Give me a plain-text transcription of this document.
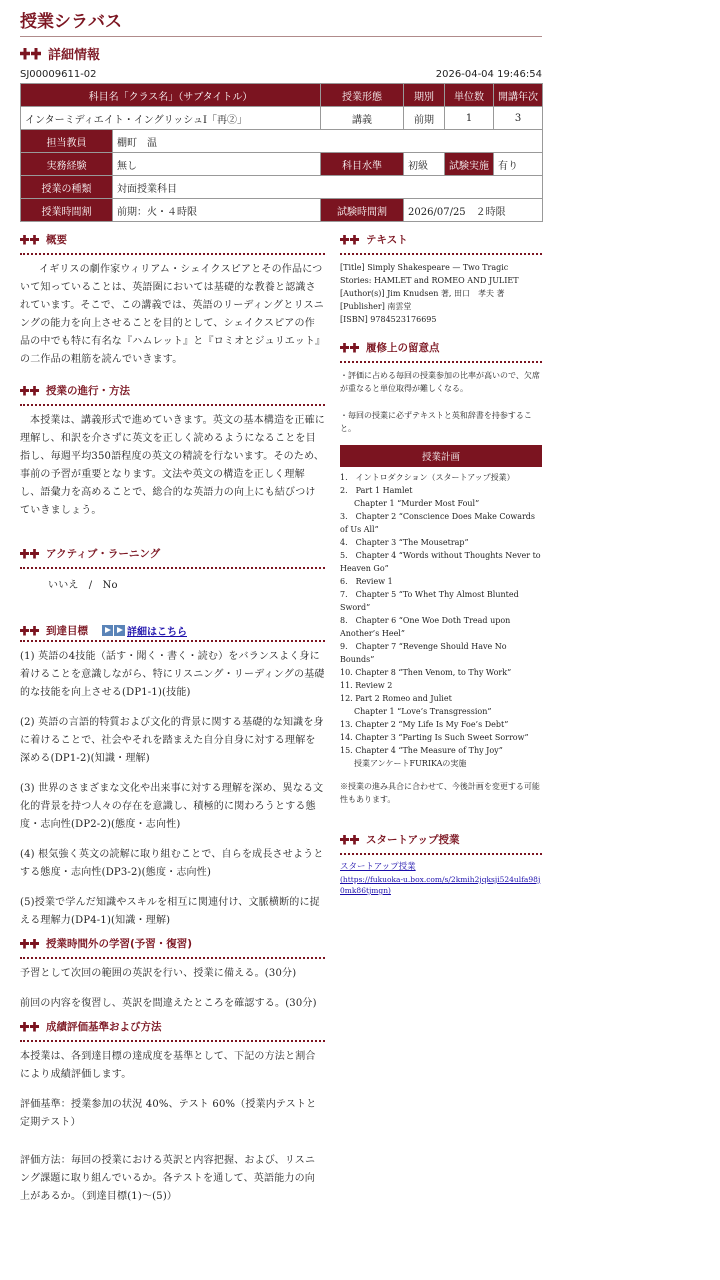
授業シラバス
詳細情報
SJ00009611-02	2026-04-04 19:46:54
科目名「クラス名」（サブタイトル）		授業形態	期別	単位数	開講年次
インターミディエイト・イングリッシュI「再②」		講義	前期	1	3
担当教員	棚町　温				
実務経験	無し	科目水準	初級	試験実施	有り
授業の種類	対面授業科目				
授業時間割	前期：火・４時限	試験時間割	2026/07/25　２時限		
概要
イギリスの劇作家ウィリアム・シェイクスピアとその作品について知っていることは、英語圏においては基礎的な教養と認識されています。そこで、この講義では、英語のリーディングとリスニングの能力を向上させることを目的として、シェイクスピアの作品の中でも特に有名な『ハムレット』と『ロミオとジュリエット』の二作品の粗筋を読んでいきます。
授業の進行・方法
本授業は、講義形式で進めていきます。英文の基本構造を正確に理解し、和訳を介さずに英文を正しく読めるようになることを目指し、毎週平均350語程度の英文の精読を行ないます。そのため、事前の予習が重要となります。文法や英文の構造を正しく理解し、語彙力を高めることで、総合的な英語力の向上にも結びつけていきましょう。
アクティブ・ラーニング
いいえ　/　No
到達目標	詳細はこちら

(1) 英語の4技能（話す・聞く・書く・読む）をバランスよく身に着けることを意識しながら、特にリスニング・リーディングの基礎的な技能を向上させる(DP1-1)(技能)

(2) 英語の言語的特質および文化的背景に関する基礎的な知識を身に着けることで、社会やそれを踏まえた自分自身に対する理解を深める(DP1-2)(知識・理解)

(3) 世界のさまざまな文化や出来事に対する理解を深め、異なる文化的背景を持つ人々の存在を意識し、積極的に関わろうとする態度・志向性(DP2-2)(態度・志向性)

(4) 根気強く英文の読解に取り組むことで、自らを成長させようとする態度・志向性(DP3-2)(態度・志向性)

(5)授業で学んだ知識やスキルを相互に関連付け、文脈横断的に捉える理解力(DP4-1)(知識・理解)

授業時間外の学習(予習・復習)

予習として次回の範囲の英訳を行い、授業に備える。(30分)

前回の内容を復習し、英訳を間違えたところを確認する。(30分)

成績評価基準および方法

本授業は、各到達目標の達成度を基準として、下記の方法と割合により成績評価します。

評価基準：授業参加の状況 40%、テスト 60%（授業内テストと定期テスト）

評価方法：毎回の授業における英訳と内容把握、および、リスニング課題に取り組んでいるか。各テストを通して、英語能力の向上があるか。（到達目標(1)〜(5)）

テキスト
[Title] Simply Shakespeare — Two Tragic Stories: HAMLET and ROMEO AND JULIET
[Author(s)] Jim Knudsen 著, 田口　孝夫 著
[Publisher] 南雲堂
[ISBN] 9784523176695
履修上の留意点

・評価に占める毎回の授業参加の比率が高いので、欠席が重なると単位取得が難しくなる。

・毎回の授業に必ずテキストと英和辞書を持参すること。

授業計画
1.　イントロダクション（スタートアップ授業）
2.　Part 1 Hamlet
Chapter 1 “Murder Most Foul”
3.　Chapter 2 “Conscience Does Make Cowards of Us All”
4.　Chapter 3 “The Mousetrap”
5.　Chapter 4 “Words without Thoughts Never to Heaven Go”
6.　Review 1
7.　Chapter 5 “To Whet Thy Almost Blunted Sword”
8.　Chapter 6 “One Woe Doth Tread upon Another’s Heel”
9.　Chapter 7 “Revenge Should Have No Bounds”
10. Chapter 8 “Then Venom, to Thy Work”
11. Review 2
12. Part 2 Romeo and Juliet
Chapter 1 “Love’s Transgression”
13. Chapter 2 “My Life Is My Foe’s Debt”
14. Chapter 3 “Parting Is Such Sweet Sorrow”
15. Chapter 4 “The Measure of Thy Joy”
授業アンケートFURIKAの実施
※授業の進み具合に合わせて、今後計画を変更する可能性もあります。
スタートアップ授業
スタートアップ授業
(https://fukuoka-u.box.com/s/2kmih2jqksji524ulfa98j0mk86tjmgn)
